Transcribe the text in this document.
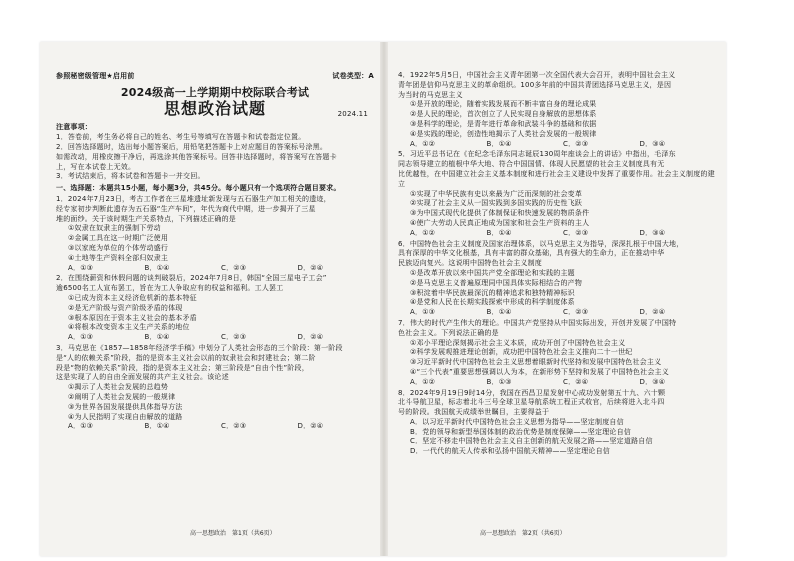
参照秘密级管理★启用前	试卷类型：A
2024级高一上学期期中校际联合考试
思想政治试题	2024.11
注意事项：
1．答卷前，考生务必将自己的姓名、考生号等填写在答题卡和试卷指定位置。
2．回答选择题时，选出每小题答案后，用铅笔把答题卡上对应题目的答案标号涂黑。
如需改动，用橡皮擦干净后，再选涂其他答案标号。回答非选择题时，将答案写在答题卡
上，写在本试卷上无效。
3．考试结束后，将本试卷和答题卡一并交回。
一、选择题：本题共15小题，每小题3分，共45分。每小题只有一个选项符合题目要求。
1．2024年7月23日，考古工作者在三星堆遗址新发现与五石器生产加工相关的遗迹，
经专家初步判断此遗存为五石器“生产车间”，年代为商代中期，进一步揭开了三星
堆的面纱。关于该时期生产关系特点，下列描述正确的是
①奴隶在奴隶主的强制下劳动
②金属工具在这一时期广泛使用
③以家庭为单位的个体劳动盛行
④土地等生产资料全部归奴隶主
A．①③	B．①④	C．②③	D．②④
2．在围绕薪资和休假问题的谈判破裂后，2024年7月8日，韩国“全国三星电子工会”
逾6500名工人宣布罢工，旨在为工人争取应有的权益和福利。工人罢工
①已成为资本主义经济危机新的基本特征
②是无产阶级与资产阶级矛盾的体现
③根本原因在于资本主义社会的基本矛盾
④将根本改变资本主义生产关系的地位
A．①③	B．①④	C．②③	D．②④
3．马克思在《1857—1858年经济学手稿》中划分了人类社会形态的三个阶段：第一阶段
是“人的依赖关系”阶段，指的是资本主义社会以前的奴隶社会和封建社会；第二阶
段是“物的依赖关系”阶段，指的是资本主义社会；第三阶段是“自由个性”阶段，
这是实现了人的自由全面发展的共产主义社会。该论述
①揭示了人类社会发展的总趋势
②阐明了人类社会发展的一般规律
③为世界各国发展提供具体指导方法
④为人民指明了实现自由解放的道路
A．①③	B．①④	C．②③	D．②④
4．1922年5月5日，中国社会主义青年团第一次全国代表大会召开，表明中国社会主义
青年团是信仰马克思主义的革命组织。100多年前的中国共青团选择马克思主义，是因
为当时的马克思主义
①是开放的理论，随着实践发展而不断丰富自身的理论成果
②是人民的理论，首次创立了人民实现自身解放的思想体系
③是科学的理论，是青年进行革命和武装斗争的基础和依据
④是实践的理论，创造性地揭示了人类社会发展的一般规律
A．①②	B．①④	C．②③	D．③④
5．习近平总书记在《在纪念毛泽东同志诞辰130周年座谈会上的讲话》中指出，毛泽东
同志领导建立的植根中华大地、符合中国国情、体现人民愿望的社会主义制度具有无
比优越性，在中国建立社会主义基本制度和进行社会主义建设中发挥了重要作用。社会主义制度的建立
①实现了中华民族有史以来最为广泛而深刻的社会变革
②实现了社会主义从一国实践到多国实践的历史性飞跃
③为中国式现代化提供了体制保证和快速发展的物质条件
④使广大劳动人民真正地成为国家和社会生产资料的主人
A．①②	B．①④	C．②③	D．③④
6．中国特色社会主义制度及国家治理体系，以马克思主义为指导，深深扎根于中国大地，
具有深厚的中华文化根基，具有丰富的群众基础，具有强大的生命力，正在推动中华
民族迈向复兴。这说明中国特色社会主义制度
①是改革开放以来中国共产党全部理论和实践的主题
②是马克思主义普遍原理同中国具体实际相结合的产物
③积淀着中华民族最深沉的精神追求和独特精神标识
④是党和人民在长期实践探索中形成的科学制度体系
A．①③	B．①④	C．②③	D．②④
7．伟大的时代产生伟大的理论。中国共产党坚持从中国实际出发，开创并发展了中国特
色社会主义。下列说法正确的是
①邓小平理论深刻揭示社会主义本质，成功开创了中国特色社会主义
②科学发展观推进理论创新，成功把中国特色社会主义推向二十一世纪
③习近平新时代中国特色社会主义思想着眼新时代坚持和发展中国特色社会主义
④“三个代表”重要思想强调以人为本，在新形势下坚持和发展了中国特色社会主义
A．①②	B．①③	C．②④	D．③④
8．2024年9月19日9时14分，我国在西昌卫星发射中心成功发射第五十九、六十颗
北斗导航卫星，标志着北斗三号全球卫星导航系统工程正式收官，后续将进入北斗四
号的阶段。我国航天成绩举世瞩目，主要得益于
A．以习近平新时代中国特色社会主义思想为指导——坚定制度自信
B．党的领导和新型举国体制的政治优势是制度保障——坚定理论自信
C．坚定不移走中国特色社会主义自主创新的航天发展之路——坚定道路自信
D．一代代的航天人传承和弘扬中国航天精神——坚定理论自信
高一思想政治　第1页（共6页）	高一思想政治　第2页（共6页）
